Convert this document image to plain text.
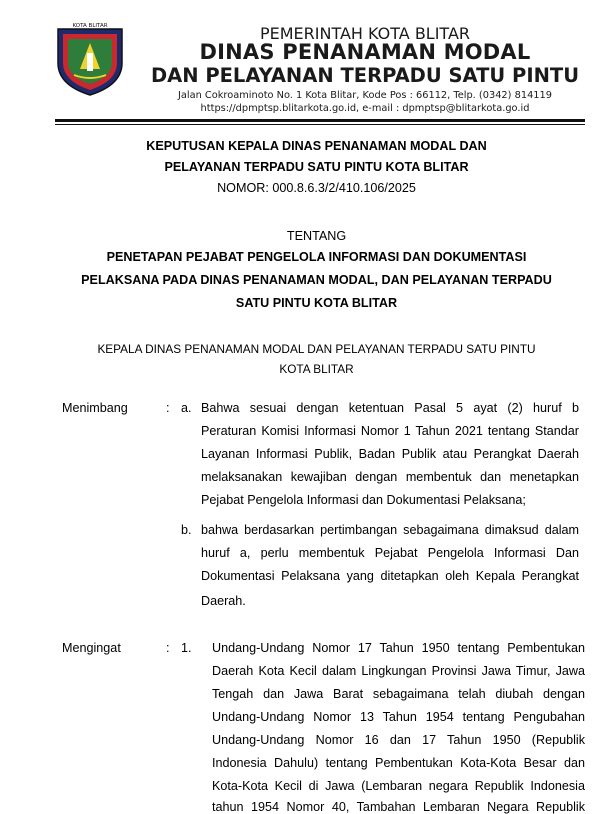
KOTA BLITAR	PEMERINTAH KOTA BLITAR
DINAS PENANAMAN MODAL
DAN PELAYANAN TERPADU SATU PINTU
Jalan Cokroaminoto No. 1 Kota Blitar, Kode Pos : 66112, Telp. (0342) 814119
https://dpmptsp.blitarkota.go.id, e-mail : dpmptsp@blitarkota.go.id
KEPUTUSAN KEPALA DINAS PENANAMAN MODAL DAN
PELAYANAN TERPADU SATU PINTU KOTA BLITAR
NOMOR: 000.8.6.3/2/410.106/2025
TENTANG
PENETAPAN PEJABAT PENGELOLA INFORMASI DAN DOKUMENTASI
PELAKSANA PADA DINAS PENANAMAN MODAL, DAN PELAYANAN TERPADU
SATU PINTU KOTA BLITAR
KEPALA DINAS PENANAMAN MODAL DAN PELAYANAN TERPADU SATU PINTU
KOTA BLITAR
Menimbang	: a. Bahwa sesuai dengan ketentuan Pasal 5 ayat (2) huruf b
Peraturan Komisi Informasi Nomor 1 Tahun 2021 tentang Standar
Layanan Informasi Publik, Badan Publik atau Perangkat Daerah
melaksanakan kewajiban dengan membentuk dan menetapkan
Pejabat Pengelola Informasi dan Dokumentasi Pelaksana;
b. bahwa berdasarkan pertimbangan sebagaimana dimaksud dalam
huruf a, perlu membentuk Pejabat Pengelola Informasi Dan
Dokumentasi Pelaksana yang ditetapkan oleh Kepala Perangkat
Daerah.
Mengingat	: 1. Undang-Undang Nomor 17 Tahun 1950 tentang Pembentukan
Daerah Kota Kecil dalam Lingkungan Provinsi Jawa Timur, Jawa
Tengah dan Jawa Barat sebagaimana telah diubah dengan
Undang-Undang Nomor 13 Tahun 1954 tentang Pengubahan
Undang-Undang Nomor 16 dan 17 Tahun 1950 (Republik
Indonesia Dahulu) tentang Pembentukan Kota-Kota Besar dan
Kota-Kota Kecil di Jawa (Lembaran negara Republik Indonesia
tahun 1954 Nomor 40, Tambahan Lembaran Negara Republik
